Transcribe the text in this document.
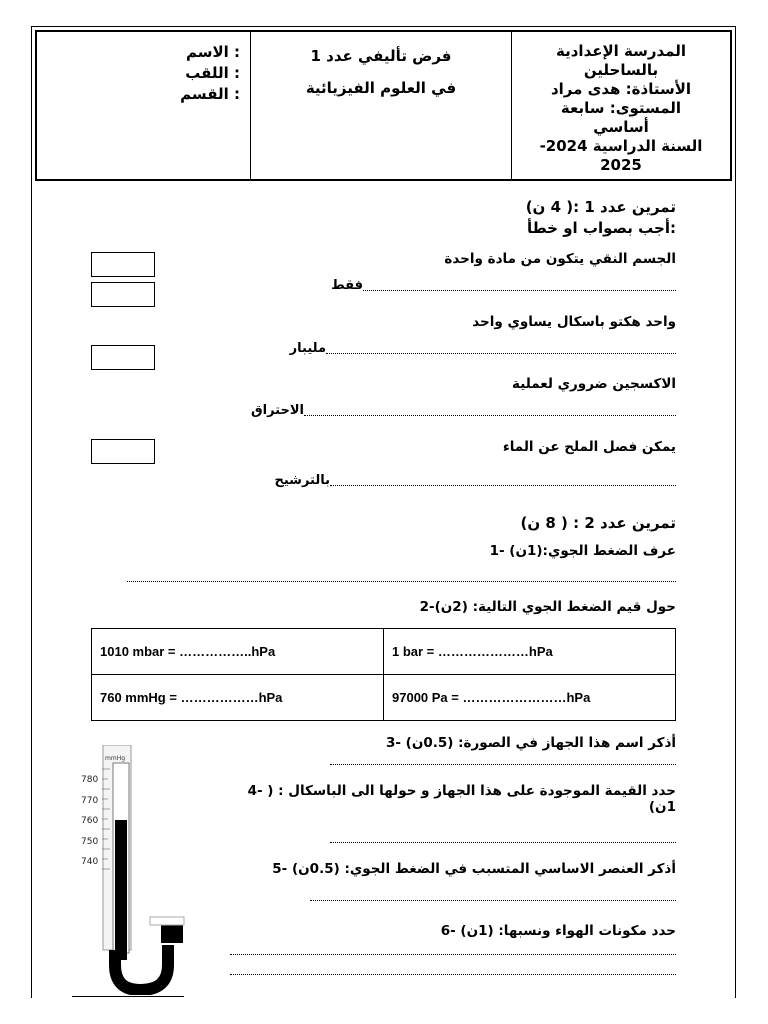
المدرسة الإعدادية
بالساحلين
الأستاذة: هدى مراد
المستوى: سابعة
أساسي
السنة الدراسية 2024-
2025
فرض تأليفي عدد 1
في العلوم الفيزيائية
: الاسم
: اللقب
: القسم
تمرين عدد 1 :( 4 ن)
:أجب بصواب او خطأ
الجسم النقي يتكون من مادة واحدة
فقط
واحد هكتو باسكال يساوي واحد
مليبار
الاكسجين ضروري لعملية
الاحتراق
يمكن فصل الملح عن الماء
بالترشيح
تمرين عدد 2 : ( 8 ن)
عرف الضغط الجوي:(1ن) -1
حول قيم الضغط الجوي التالية: (2ن)-2
1010 mbar = ……………..hPa	1 bar = …………………hPa
760 mmHg = ………………hPa	97000 Pa = ……………………hPa
أذكر اسم هذا الجهاز في الصورة: (0.5ن) -3
حدد القيمة الموجودة على هذا الجهاز و حولها الى الباسكال : ( -4
1ن)
أذكر العنصر الاساسي المتسبب في الضغط الجوي: (0.5ن) -5
حدد مكونات الهواء ونسبها: (1ن) -6
mmHg
780
770
760
750
740
